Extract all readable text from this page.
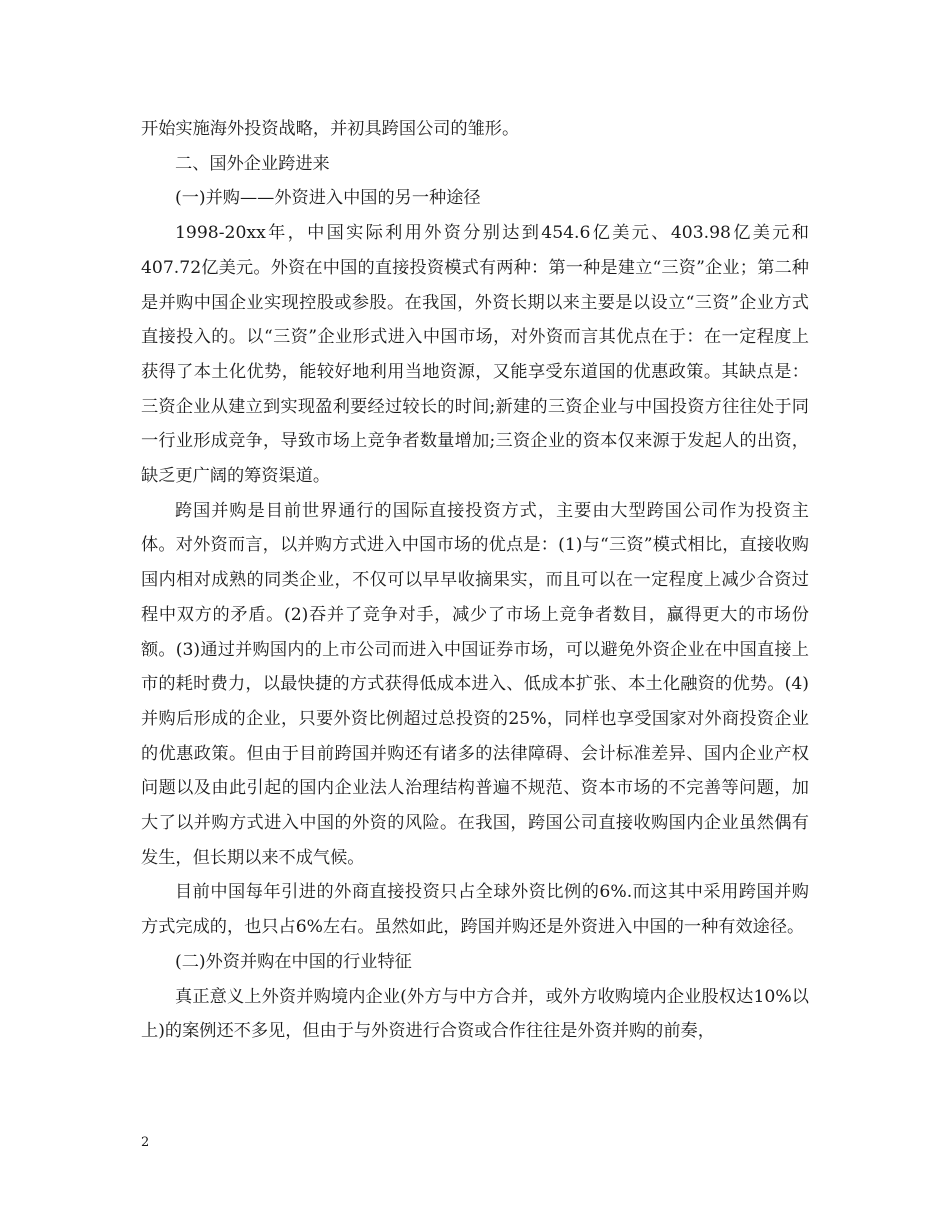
开始实施海外投资战略，并初具跨国公司的雏形。

二、国外企业跨进来

(一)并购——外资进入中国的另一种途径

1998-20xx年，中国实际利用外资分别达到454.6亿美元、403.98亿美元和407.72亿美元。外资在中国的直接投资模式有两种：第一种是建立“三资”企业；第二种是并购中国企业实现控股或参股。在我国，外资长期以来主要是以设立“三资”企业方式直接投入的。以“三资”企业形式进入中国市场，对外资而言其优点在于：在一定程度上获得了本土化优势，能较好地利用当地资源，又能享受东道国的优惠政策。其缺点是：三资企业从建立到实现盈利要经过较长的时间;新建的三资企业与中国投资方往往处于同一行业形成竞争，导致市场上竞争者数量增加;三资企业的资本仅来源于发起人的出资，缺乏更广阔的筹资渠道。

跨国并购是目前世界通行的国际直接投资方式，主要由大型跨国公司作为投资主体。对外资而言，以并购方式进入中国市场的优点是：(1)与“三资”模式相比，直接收购国内相对成熟的同类企业，不仅可以早早收摘果实，而且可以在一定程度上减少合资过程中双方的矛盾。(2)吞并了竞争对手，减少了市场上竞争者数目，赢得更大的市场份额。(3)通过并购国内的上市公司而进入中国证券市场，可以避免外资企业在中国直接上市的耗时费力，以最快捷的方式获得低成本进入、低成本扩张、本土化融资的优势。(4)并购后形成的企业，只要外资比例超过总投资的25%，同样也享受国家对外商投资企业的优惠政策。但由于目前跨国并购还有诸多的法律障碍、会计标准差异、国内企业产权问题以及由此引起的国内企业法人治理结构普遍不规范、资本市场的不完善等问题，加大了以并购方式进入中国的外资的风险。在我国，跨国公司直接收购国内企业虽然偶有发生，但长期以来不成气候。

目前中国每年引进的外商直接投资只占全球外资比例的6%.而这其中采用跨国并购方式完成的，也只占6%左右。虽然如此，跨国并购还是外资进入中国的一种有效途径。

(二)外资并购在中国的行业特征

真正意义上外资并购境内企业(外方与中方合并，或外方收购境内企业股权达10%以上)的案例还不多见，但由于与外资进行合资或合作往往是外资并购的前奏，

2
